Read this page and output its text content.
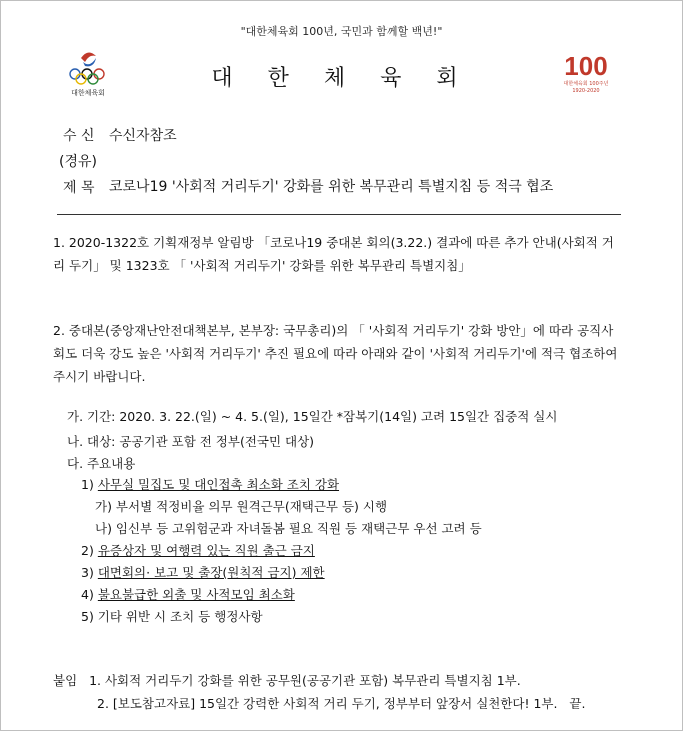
"대한체육회 100년, 국민과 함께할 백년!"
대한체육회
대 한 체 육 회	100
대한체육회 100주년
1920-2020
수 신 수신자참조
(경유)
제 목 코로나19 '사회적 거리두기' 강화를 위한 복무관리 특별지침 등 적극 협조
1. 2020-1322호 기획재정부 알림방 「코로나19 중대본 회의(3.22.) 결과에 따른 추가 안내(사회적 거리 두기」 및 1323호 「 '사회적 거리두기' 강화를 위한 복무관리 특별지침」
2. 중대본(중앙재난안전대책본부, 본부장: 국무총리)의 「 '사회적 거리두기' 강화 방안」에 따라 공직사회도 더욱 강도 높은 '사회적 거리두기' 추진 필요에 따라 아래와 같이 '사회적 거리두기'에 적극 협조하여 주시기 바랍니다.
가. 기간: 2020. 3. 22.(일) ~ 4. 5.(일), 15일간 *잠복기(14일) 고려 15일간 집중적 실시
나. 대상: 공공기관 포함 전 정부(전국민 대상)
다. 주요내용
1) 사무실 밀집도 및 대인접촉 최소화 조치 강화
가) 부서별 적정비율 의무 원격근무(재택근무 등) 시행
나) 임신부 등 고위험군과 자녀돌봄 필요 직원 등 재택근무 우선 고려 등
2) 유증상자 및 여행력 있는 직원 출근 금지
3) 대면회의· 보고 및 출장(원칙적 금지) 제한
4) 불요불급한 외출 및 사적모임 최소화
5) 기타 위반 시 조치 등 행정사항
붙임 1. 사회적 거리두기 강화를 위한 공무원(공공기관 포함) 복무관리 특별지침 1부.
2. [보도참고자료] 15일간 강력한 사회적 거리 두기, 정부부터 앞장서 실천한다! 1부. 끝.
